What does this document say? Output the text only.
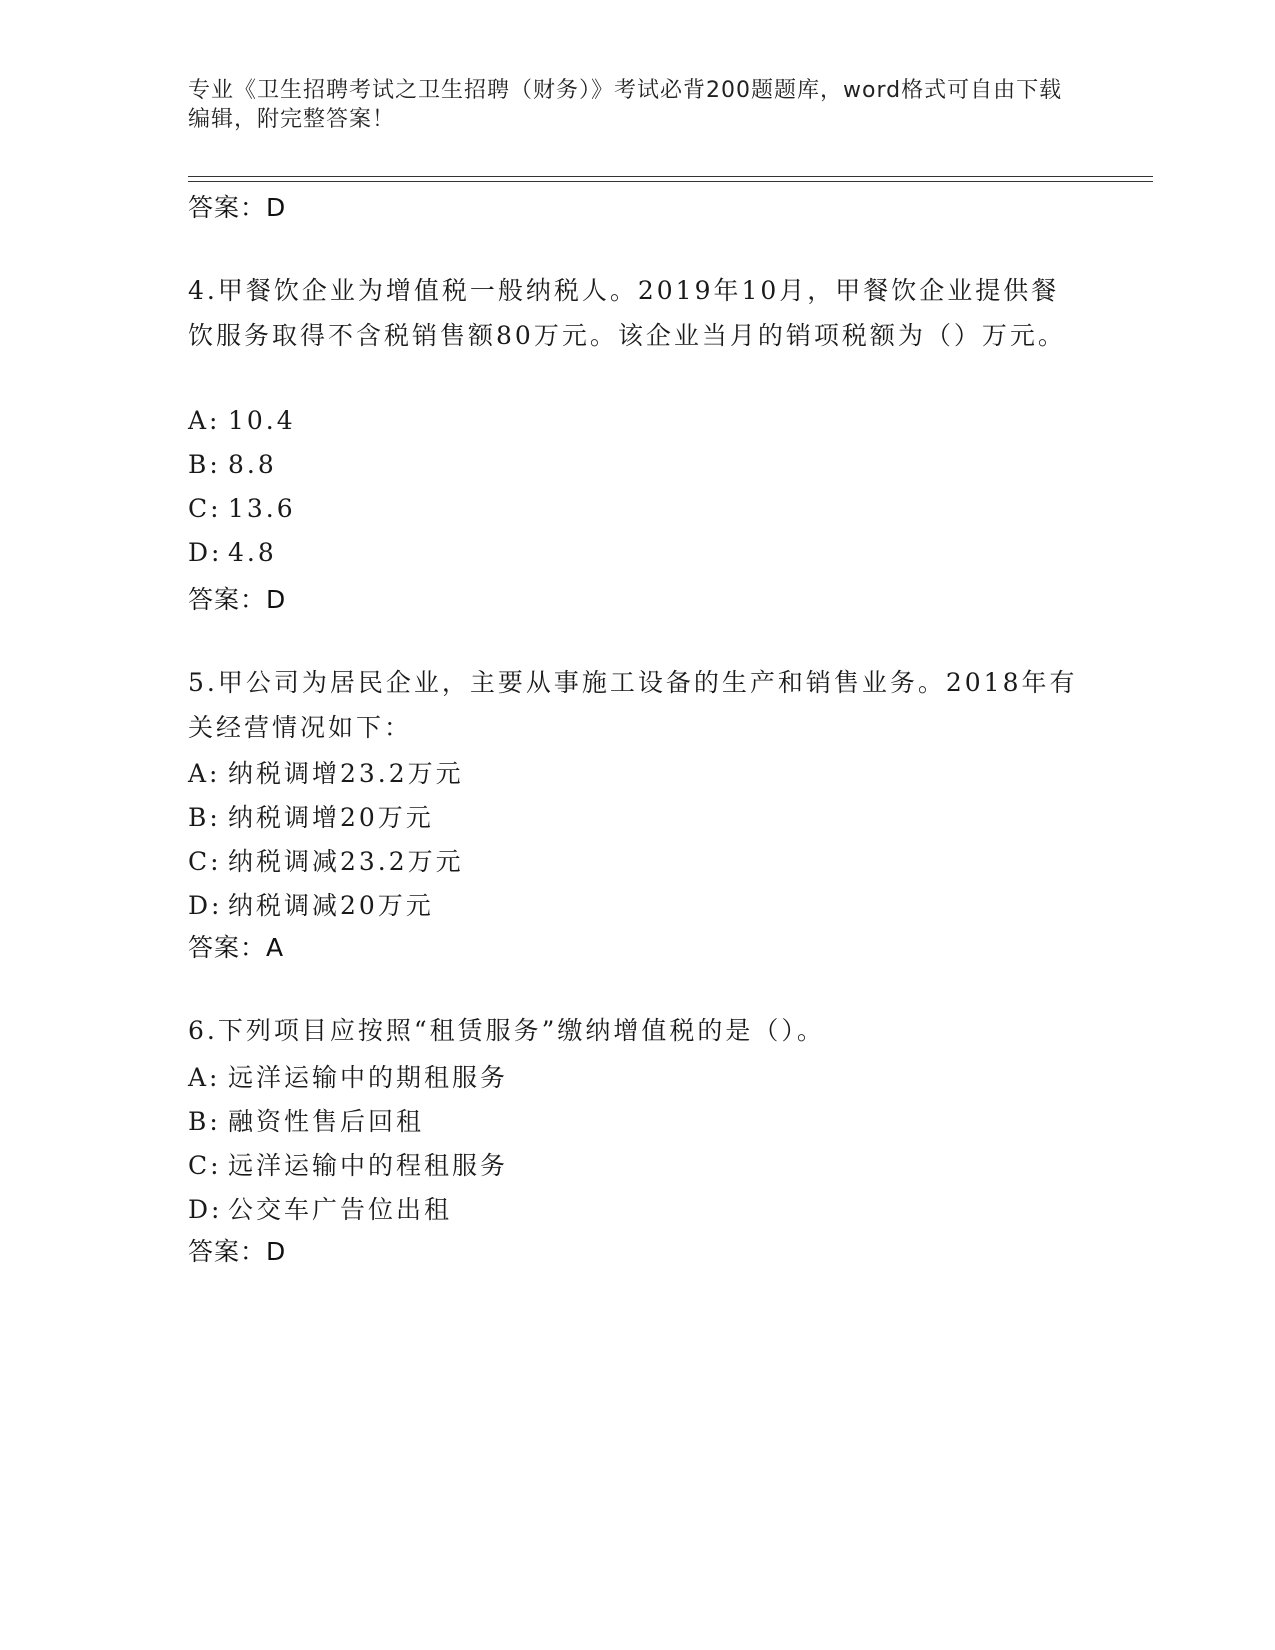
专业《卫生招聘考试之卫生招聘（财务）》考试必背200题题库，word格式可自由下载编辑，附完整答案！
答案：D
4.甲餐饮企业为增值税一般纳税人。2019年10月，甲餐饮企业提供餐饮服务取得不含税销售额80万元。该企业当月的销项税额为（）万元。
A: 10.4
B: 8.8
C: 13.6
D: 4.8
答案：D
5.甲公司为居民企业，主要从事施工设备的生产和销售业务。2018年有关经营情况如下：
A: 纳税调增23.2万元
B: 纳税调增20万元
C: 纳税调减23.2万元
D: 纳税调减20万元
答案：A
6.下列项目应按照“租赁服务”缴纳增值税的是（）。
A: 远洋运输中的期租服务
B: 融资性售后回租
C: 远洋运输中的程租服务
D: 公交车广告位出租
答案：D
